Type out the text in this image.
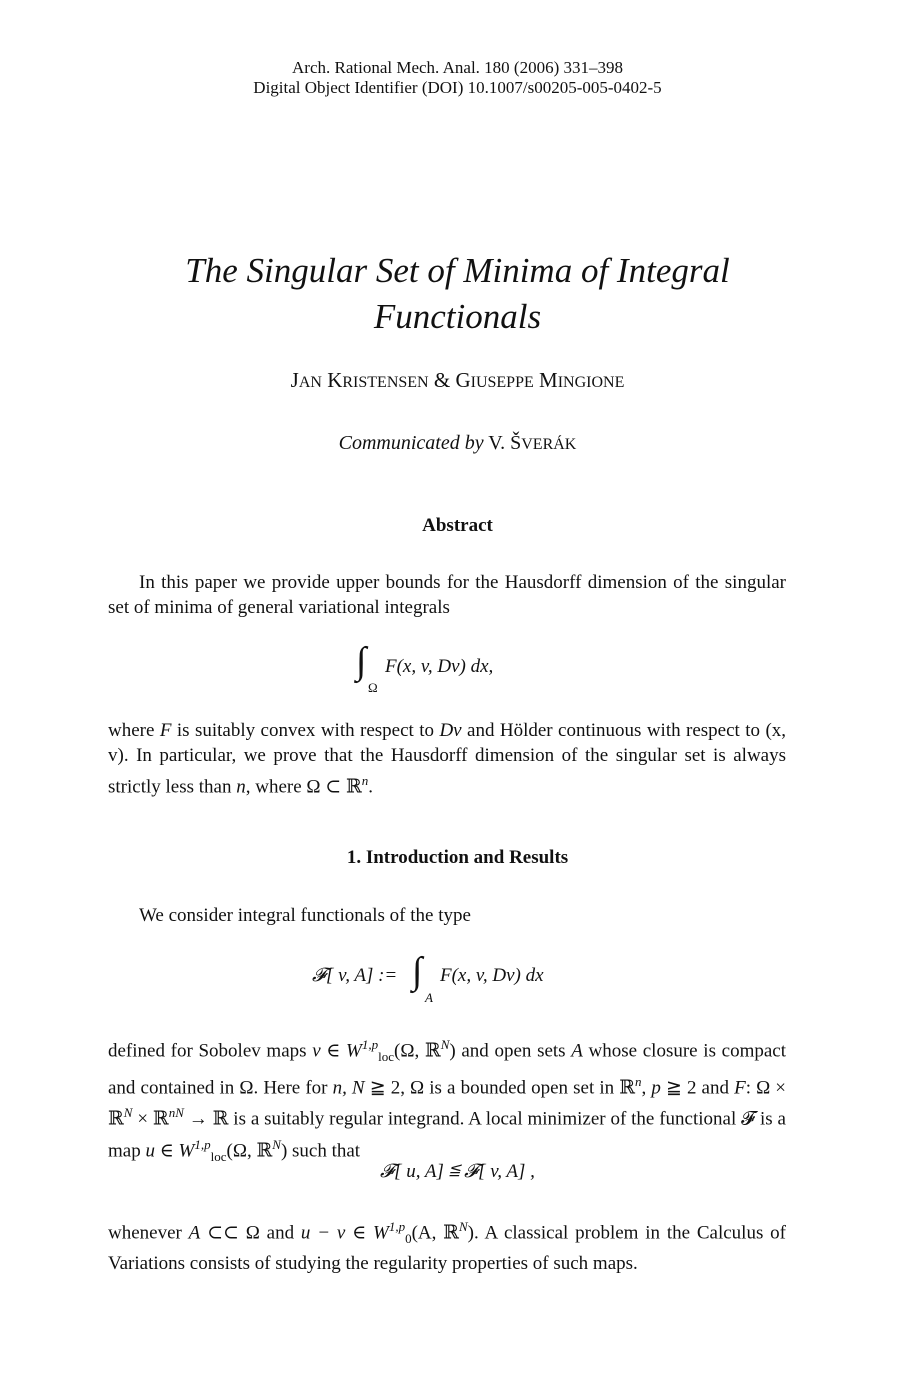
Arch. Rational Mech. Anal. 180 (2006) 331–398
Digital Object Identifier (DOI) 10.1007/s00205-005-0402-5
The Singular Set of Minima of Integral
Functionals
JAN KRISTENSEN & GIUSEPPE MINGIONE
Communicated by V. ŠVERÁK
Abstract
In this paper we provide upper bounds for the Hausdorff dimension of the singular set of minima of general variational integrals
∫
Ω
F(x, v, Dv) dx,
where F is suitably convex with respect to Dv and Hölder continuous with respect to (x, v). In particular, we prove that the Hausdorff dimension of the singular set is always strictly less than n, where Ω ⊂ ℝ$^n$.
1. Introduction and Results
We consider integral functionals of the type
𝓕[ v, A] := ∫
A
F(x, v, Dv) dx
defined for Sobolev maps v ∈ W$^{1,p}_{loc}$(Ω, ℝ$^N$) and open sets A whose closure is compact and contained in Ω. Here for n, N ≧ 2, Ω is a bounded open set in ℝ$^n$, p ≧ 2 and F: Ω × ℝ$^N$ × ℝ$^{nN}$ → ℝ is a suitably regular integrand. A local minimizer of the functional 𝓕 is a map u ∈ W$^{1,p}_{loc}$(Ω, ℝ$^N$) such that
𝓕[ u, A] ≦ 𝓕[ v, A] ,
whenever A ⊂⊂ Ω and u − v ∈ W$^{1,p}_0$(A, ℝ$^N$). A classical problem in the Calculus of Variations consists of studying the regularity properties of such maps.
